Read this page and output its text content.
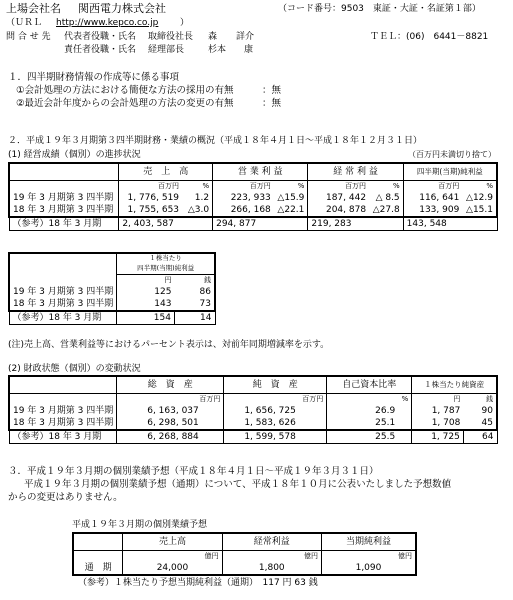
上場会社名 関西電力株式会社	（コード番号：9503　東証・大証・名証第１部）
（ＵＲＬ http://www.kepco.co.jp ）
問 合 せ 先 代表者役職・氏名 取締役社長 森 詳介
責任者役職・氏名 経理部長	杉本 康
ＴＥＬ：(06)　6441－8821
１．四半期財務情報の作成等に係る事項
①会計処理の方法における簡便な方法の採用の有無	：無
②最近会計年度からの会計処理の方法の変更の有無	：無
２．平成１９年３月期第３四半期財務・業績の概況（平成１８年４月１日～平成１８年１２月３１日）
(1) 経営成績（個別）の進捗状況	（百万円未満切り捨て）
	売　上　高		営 業 利 益		経 常 利 益		四半期(当期)純利益	
	百万円	%	百万円	%	百万円	%	百万円	%
19 年 3 月期第 3 四半期	1, 776, 519	1.2	223, 933	△15.9	187, 442	△ 8.5	116, 641	△12.9
18 年 3 月期第 3 四半期	1, 755, 653	△3.0	266, 168	△22.1	204, 878	△27.8	133, 909	△15.1
（参考）18 年 3 月期	2, 403, 587		294, 877		219, 283		143, 548	
	１株当たり	
	四半期(当期)純利益	
	円	銭
19 年 3 月期第 3 四半期	125	86
18 年 3 月期第 3 四半期	143	73
（参考）18 年 3 月期	154	14
(注)売上高、営業利益等におけるパーセント表示は、対前年同期増減率を示す。
(2) 財政状態（個別）の変動状況
	総　資　産	純　資　産	自己資本比率	１株当たり純資産	
	百万円	百万円	%	円	銭
19 年 3 月期第 3 四半期	6, 163, 037	1, 656, 725	26.9	1, 787	90
18 年 3 月期第 3 四半期	6, 298, 501	1, 583, 626	25.1	1, 708	45
（参考）18 年 3 月期	6, 268, 884	1, 599, 578	25.5	1, 725	64
３．平成１９年３月期の個別業績予想（平成１８年４月１日～平成１９年３月３１日）
平成１９年３月期の個別業績予想（通期）について、平成１８年１０月に公表いたしました予想数値
からの変更はありません。
平成１９年３月期の個別業績予想
	売上高	経常利益	当期純利益
	億円	億円	億円
通　期	24,000	1,800	1,090
（参考）１株当たり予想当期純利益（通期）　117 円 63 銭
